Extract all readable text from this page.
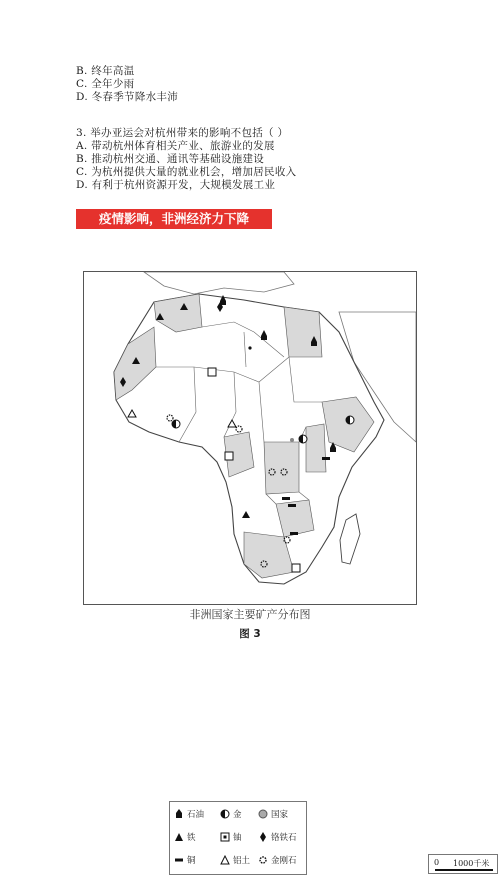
B. 终年高温
C. 全年少雨
D. 冬春季节降水丰沛
3. 举办亚运会对杭州带来的影响不包括（ ）
A. 带动杭州体育相关产业、旅游业的发展
B. 推动杭州交通、通讯等基础设施建设
C. 为杭州提供大量的就业机会，增加居民收入
D. 有利于杭州资源开发，大规模发展工业
疫情影响，非洲经济力下降
石油	金	国家
铁	铀	铬铁石
铜	铝土 金刚石	0 1000千米
非洲国家主要矿产分布图
图 3
